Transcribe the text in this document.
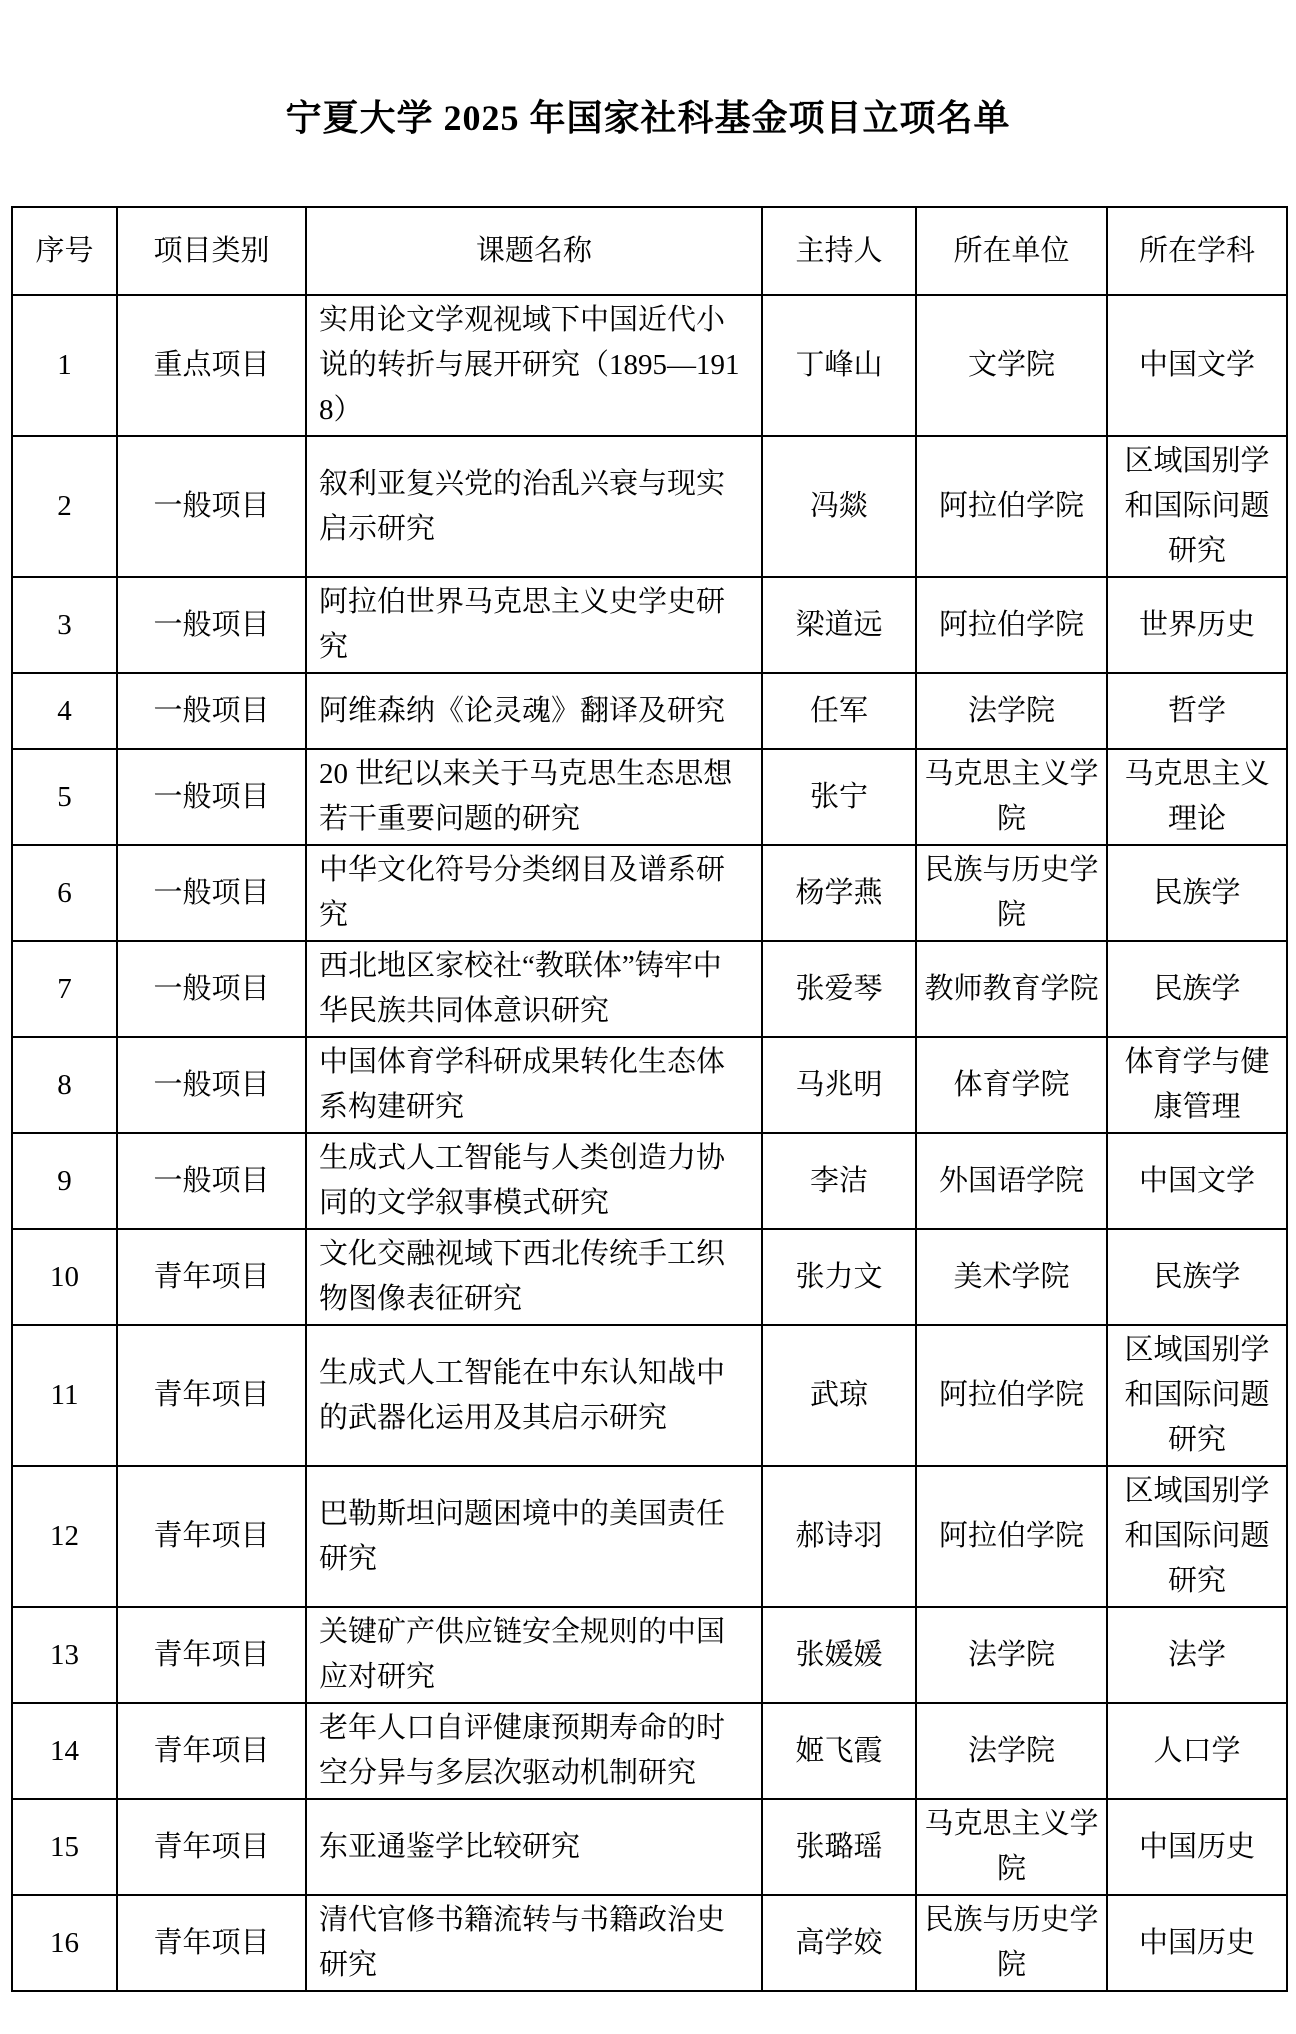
宁夏大学 2025 年国家社科基金项目立项名单
序号	项目类别	课题名称	主持人	所在单位	所在学科
1	重点项目	实用论文学观视域下中国近代小说的转折与展开研究（1895—1918）	丁峰山	文学院	中国文学
2	一般项目	叙利亚复兴党的治乱兴衰与现实启示研究	冯燚	阿拉伯学院	区域国别学和国际问题研究
3	一般项目	阿拉伯世界马克思主义史学史研究	梁道远	阿拉伯学院	世界历史
4	一般项目	阿维森纳《论灵魂》翻译及研究	任军	法学院	哲学
5	一般项目	20 世纪以来关于马克思生态思想若干重要问题的研究	张宁	马克思主义学院	马克思主义理论
6	一般项目	中华文化符号分类纲目及谱系研究	杨学燕	民族与历史学院	民族学
7	一般项目	西北地区家校社“教联体”铸牢中华民族共同体意识研究	张爱琴	教师教育学院	民族学
8	一般项目	中国体育学科研成果转化生态体系构建研究	马兆明	体育学院	体育学与健康管理
9	一般项目	生成式人工智能与人类创造力协同的文学叙事模式研究	李洁	外国语学院	中国文学
10	青年项目	文化交融视域下西北传统手工织物图像表征研究	张力文	美术学院	民族学
11	青年项目	生成式人工智能在中东认知战中的武器化运用及其启示研究	武琼	阿拉伯学院	区域国别学和国际问题研究
12	青年项目	巴勒斯坦问题困境中的美国责任研究	郝诗羽	阿拉伯学院	区域国别学和国际问题研究
13	青年项目	关键矿产供应链安全规则的中国应对研究	张媛媛	法学院	法学
14	青年项目	老年人口自评健康预期寿命的时空分异与多层次驱动机制研究	姬飞霞	法学院	人口学
15	青年项目	东亚通鉴学比较研究	张璐瑶	马克思主义学院	中国历史
16	青年项目	清代官修书籍流转与书籍政治史研究	高学姣	民族与历史学院	中国历史
